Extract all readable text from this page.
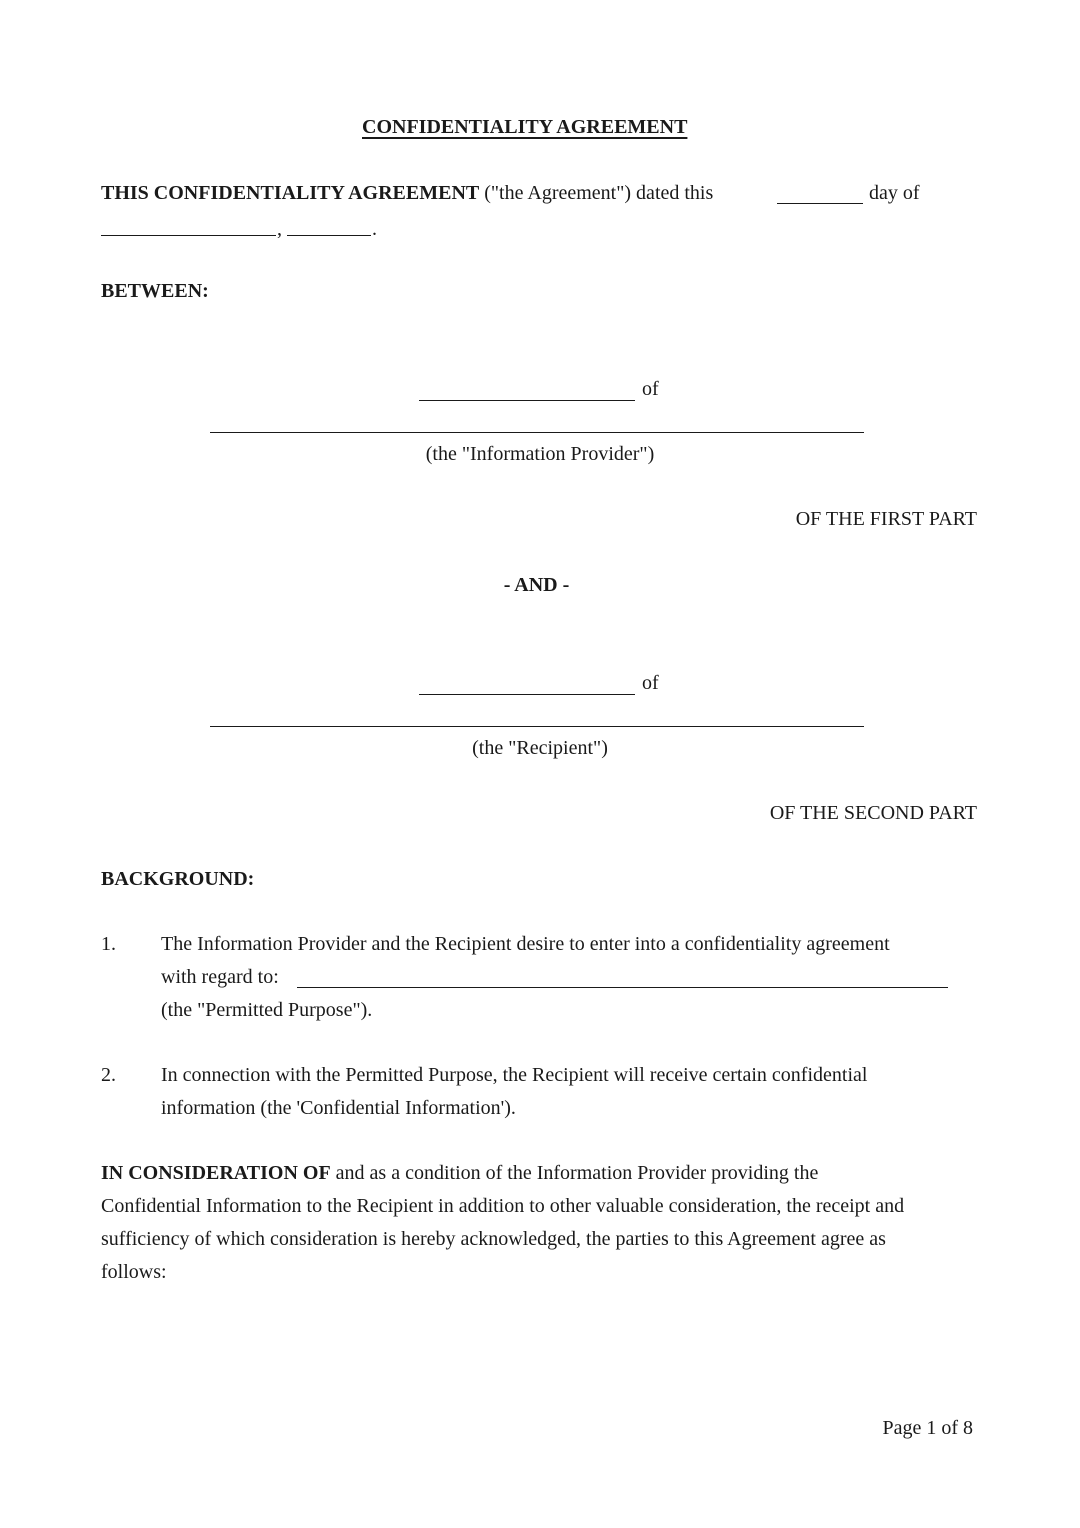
CONFIDENTIALITY AGREEMENT
THIS CONFIDENTIALITY AGREEMENT ("the Agreement") dated this	day of
,	.
BETWEEN:
of
(the "Information Provider")
OF THE FIRST PART
- AND -
of
(the "Recipient")
OF THE SECOND PART
BACKGROUND:
1. The Information Provider and the Recipient desire to enter into a confidentiality agreement
with regard to:
(the "Permitted Purpose").
2. In connection with the Permitted Purpose, the Recipient will receive certain confidential
information (the 'Confidential Information').
IN CONSIDERATION OF and as a condition of the Information Provider providing the
Confidential Information to the Recipient in addition to other valuable consideration, the receipt and
sufficiency of which consideration is hereby acknowledged, the parties to this Agreement agree as
follows:
Page 1 of 8
